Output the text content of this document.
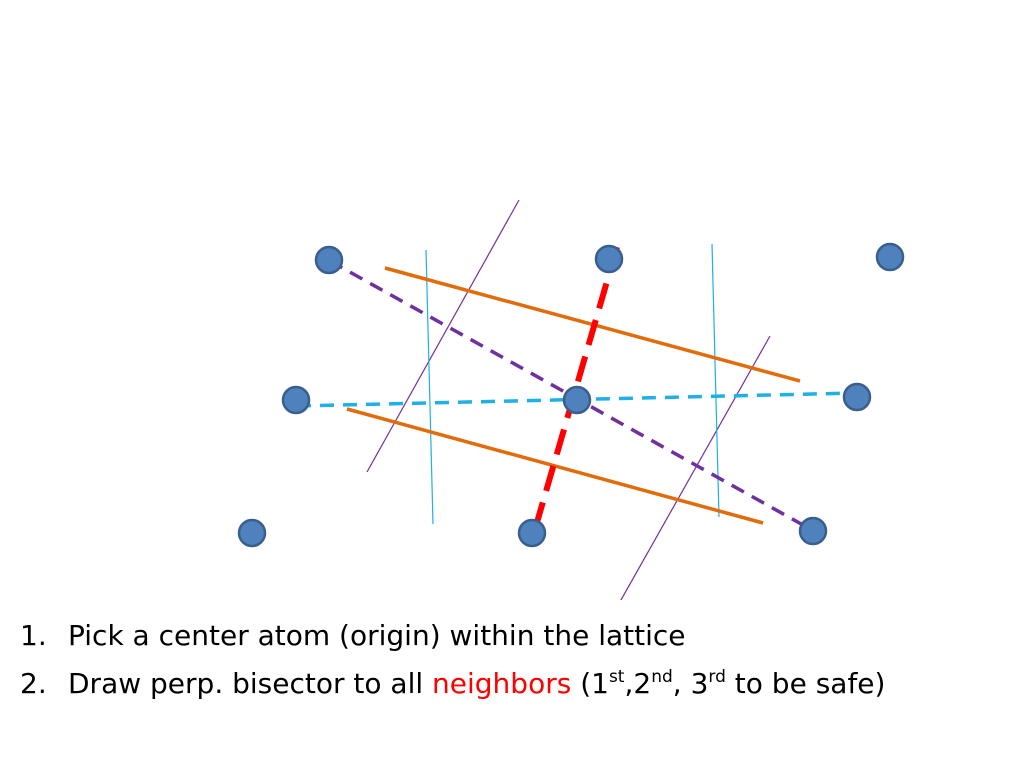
1. Pick a center atom (origin) within the lattice
2. Draw perp. bisector to all neighbors (1st,2nd, 3rd to be safe)
